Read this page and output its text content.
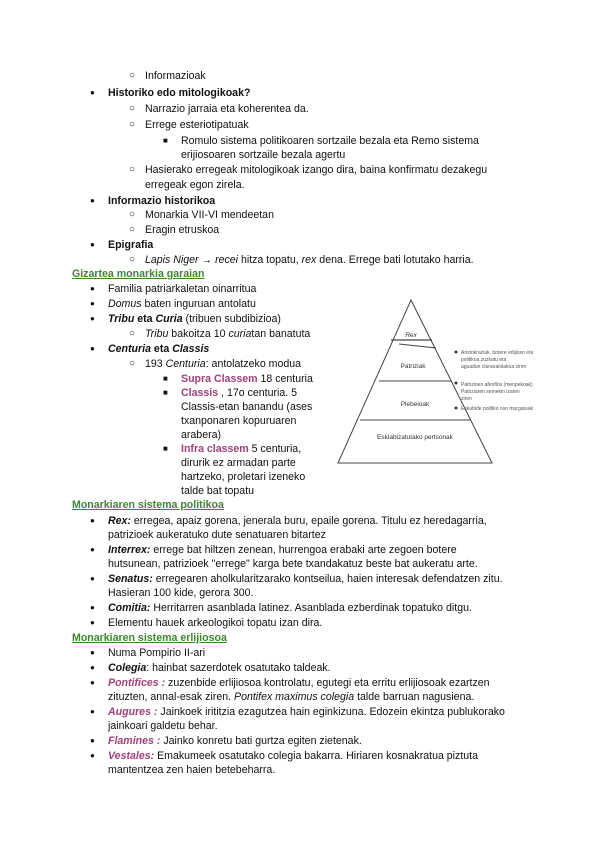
○ Informazioak
● Historiko edo mitologikoak?
○ Narrazio jarraia eta koherentea da.
○ Errege esteriotipatuak
■ Romulo sistema politikoaren sortzaile bezala eta Remo sistema
erijiosoaren sortzaile bezala agertu
○ Hasierako erregeak mitologikoak izango dira, baina konfirmatu dezakegu
erregeak egon zirela.
● Informazio historikoa
○ Monarkia VII-VI mendeetan
○ Eragin etruskoa
● Epigrafia
○ Lapis Niger → recei hitza topatu, rex dena. Errege bati lotutako harria.
Gizartea monarkia garaian
● Familia patriarkaletan oinarritua
● Domus baten inguruan antolatu
● Tribu eta Curia (tribuen subdibizioa)
○ Tribu bakoitza 10 curiatan banatuta
● Centuria eta Classis
○ 193 Centuria: antolatzeko modua
■ Supra Classem 18 centuria
■ Classis , 17o centuria. 5
Classis-etan banandu (ases
txanponaren kopuruaren
arabera)
■ Infra classem 5 centuria,
dirurik ez armadan parte
hartzeko, proletari izeneko
talde bat topatu
Rex
Patriziak
Plebeioak
Esklabizatutako pertsonak
Aristokraziak, botere erlijioso eta
politikoa zuzkatu eta
aguadun clanaraiolakoa ziren
Patrizioen afeoflos (menpekoak)
Patriziaren semekin izaten
ziren
Eskubide politiko oso murgatuak
Monarkiaren sistema politikoa
● Rex: erregea, apaiz gorena, jenerala buru, epaile gorena. Titulu ez heredagarria,
patrizioek aukeratuko dute senatuaren bitartez
● Interrex: errege bat hiltzen zenean, hurrengoa erabaki arte zegoen botere
hutsunean, patrizioek "errege" karga bete txandakatuz beste bat aukeratu arte.
● Senatus: erregearen aholkularitzarako kontseilua, haien interesak defendatzen zitu.
Hasieran 100 kide, gerora 300.
● Comitia: Herritarren asanblada latinez. Asanblada ezberdinak topatuko ditgu.
● Elementu hauek arkeologikoi topatu izan dira.
Monarkiaren sistema erlijiosoa
● Numa Pompirio II-ari
● Colegia: hainbat sazerdotek osatutako taldeak.
● Pontifices : zuzenbide erlijiosoa kontrolatu, egutegi eta erritu erlijiosoak ezartzen
zituzten, annal-esak ziren. Pontifex maximus colegia talde barruan nagusiena.
● Augures : Jainkoek irititzia ezagutzea hain eginkizuna. Edozein ekintza publukorako
jainkoari galdetu behar.
● Flamines : Jainko konretu bati gurtza egiten zietenak.
● Vestales: Emakumeek osatutako colegia bakarra. Hiriaren kosnakratua piztuta
mantentzea zen haien betebeharra.
